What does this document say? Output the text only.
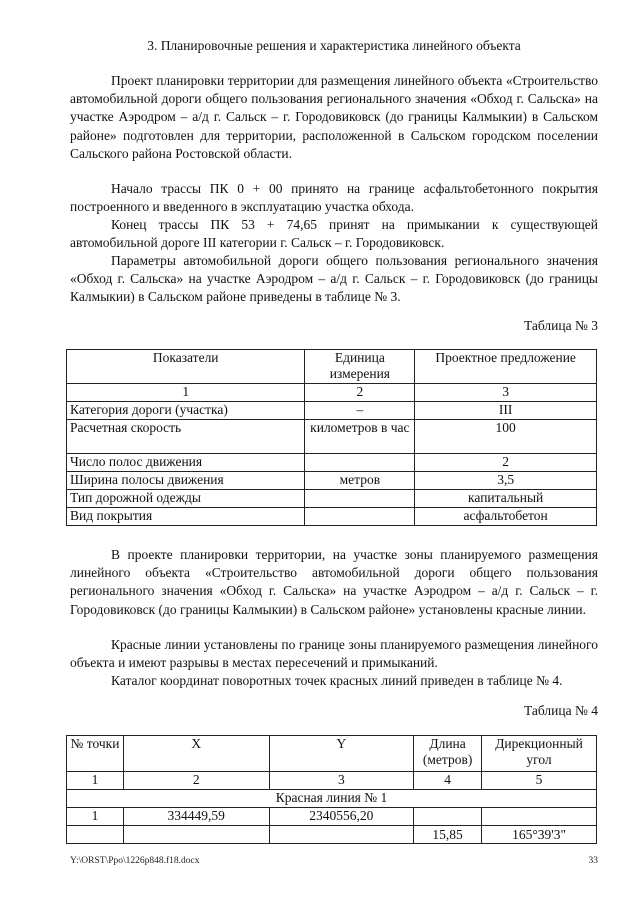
3. Планировочные решения и характеристика линейного объекта

Проект планировки территории для размещения линейного объекта «Строительство автомобильной дороги общего пользования регионального значения «Обход г. Сальска» на участке Аэродром – а/д г. Сальск – г. Городовиковск (до границы Калмыкии) в Сальском районе» подготовлен для территории, расположенной в Сальском городском поселении Сальского района Ростовской области.

Начало трассы ПК 0 + 00 принято на границе асфальтобетонного покрытия построенного и введенного в эксплуатацию участка обхода.

Конец трассы ПК 53 + 74,65 принят на примыкании к существующей автомобильной дороге III категории г. Сальск – г. Городовиковск.

Параметры автомобильной дороги общего пользования регионального значения «Обход г. Сальска» на участке Аэродром – а/д г. Сальск – г. Городовиковск (до границы Калмыкии) в Сальском районе приведены в таблице № 3.

Таблица № 3
Показатели	Единица измерения	Проектное предложение
1	2	3
Категория дороги (участка)	–	III
Расчетная скорость	километров в час	100
Число полос движения		2
Ширина полосы движения	метров	3,5
Тип дорожной одежды		капитальный
Вид покрытия		асфальтобетон

В проекте планировки территории, на участке зоны планируемого размещения линейного объекта «Строительство автомобильной дороги общего пользования регионального значения «Обход г. Сальска» на участке Аэродром – а/д г. Сальск – г. Городовиковск (до границы Калмыкии) в Сальском районе» установлены красные линии.

Красные линии установлены по границе зоны планируемого размещения линейного объекта и имеют разрывы в местах пересечений и примыканий.

Каталог координат поворотных точек красных линий приведен в таблице № 4.

Таблица № 4
№ точки	X	Y	Длина (метров)	Дирекционный угол
1	2	3	4	5
Красная линия № 1				
1	334449,59	2340556,20		
			15,85	165°39'3"
Y:\ORST\Ppo\1226p848.f18.docx	33
